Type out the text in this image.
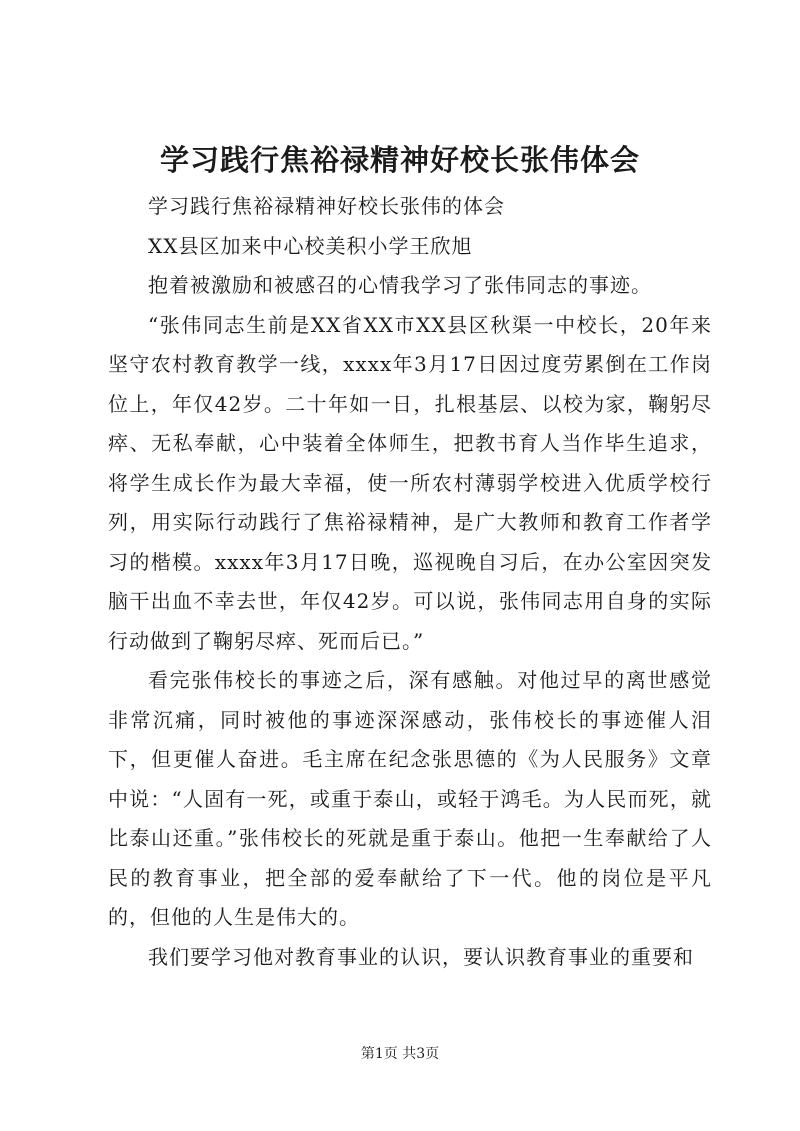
学习践行焦裕禄精神好校长张伟体会

学习践行焦裕禄精神好校长张伟的体会

XX县区加来中心校美积小学王欣旭

抱着被激励和被感召的心情我学习了张伟同志的事迹。

“张伟同志生前是XX省XX市XX县区秋渠一中校长，20年来坚守农村教育教学一线，xxxx年3月17日因过度劳累倒在工作岗位上，年仅42岁。二十年如一日，扎根基层、以校为家，鞠躬尽瘁、无私奉献，心中装着全体师生，把教书育人当作毕生追求，将学生成长作为最大幸福，使一所农村薄弱学校进入优质学校行列，用实际行动践行了焦裕禄精神，是广大教师和教育工作者学习的楷模。xxxx年3月17日晚，巡视晚自习后，在办公室因突发脑干出血不幸去世，年仅42岁。可以说，张伟同志用自身的实际行动做到了鞠躬尽瘁、死而后已。”

看完张伟校长的事迹之后，深有感触。对他过早的离世感觉非常沉痛，同时被他的事迹深深感动，张伟校长的事迹催人泪下，但更催人奋进。毛主席在纪念张思德的《为人民服务》文章中说：“人固有一死，或重于泰山，或轻于鸿毛。为人民而死，就比泰山还重。”张伟校长的死就是重于泰山。他把一生奉献给了人民的教育事业，把全部的爱奉献给了下一代。他的岗位是平凡的，但他的人生是伟大的。

我们要学习他对教育事业的认识，要认识教育事业的重要和

第1页 共3页
